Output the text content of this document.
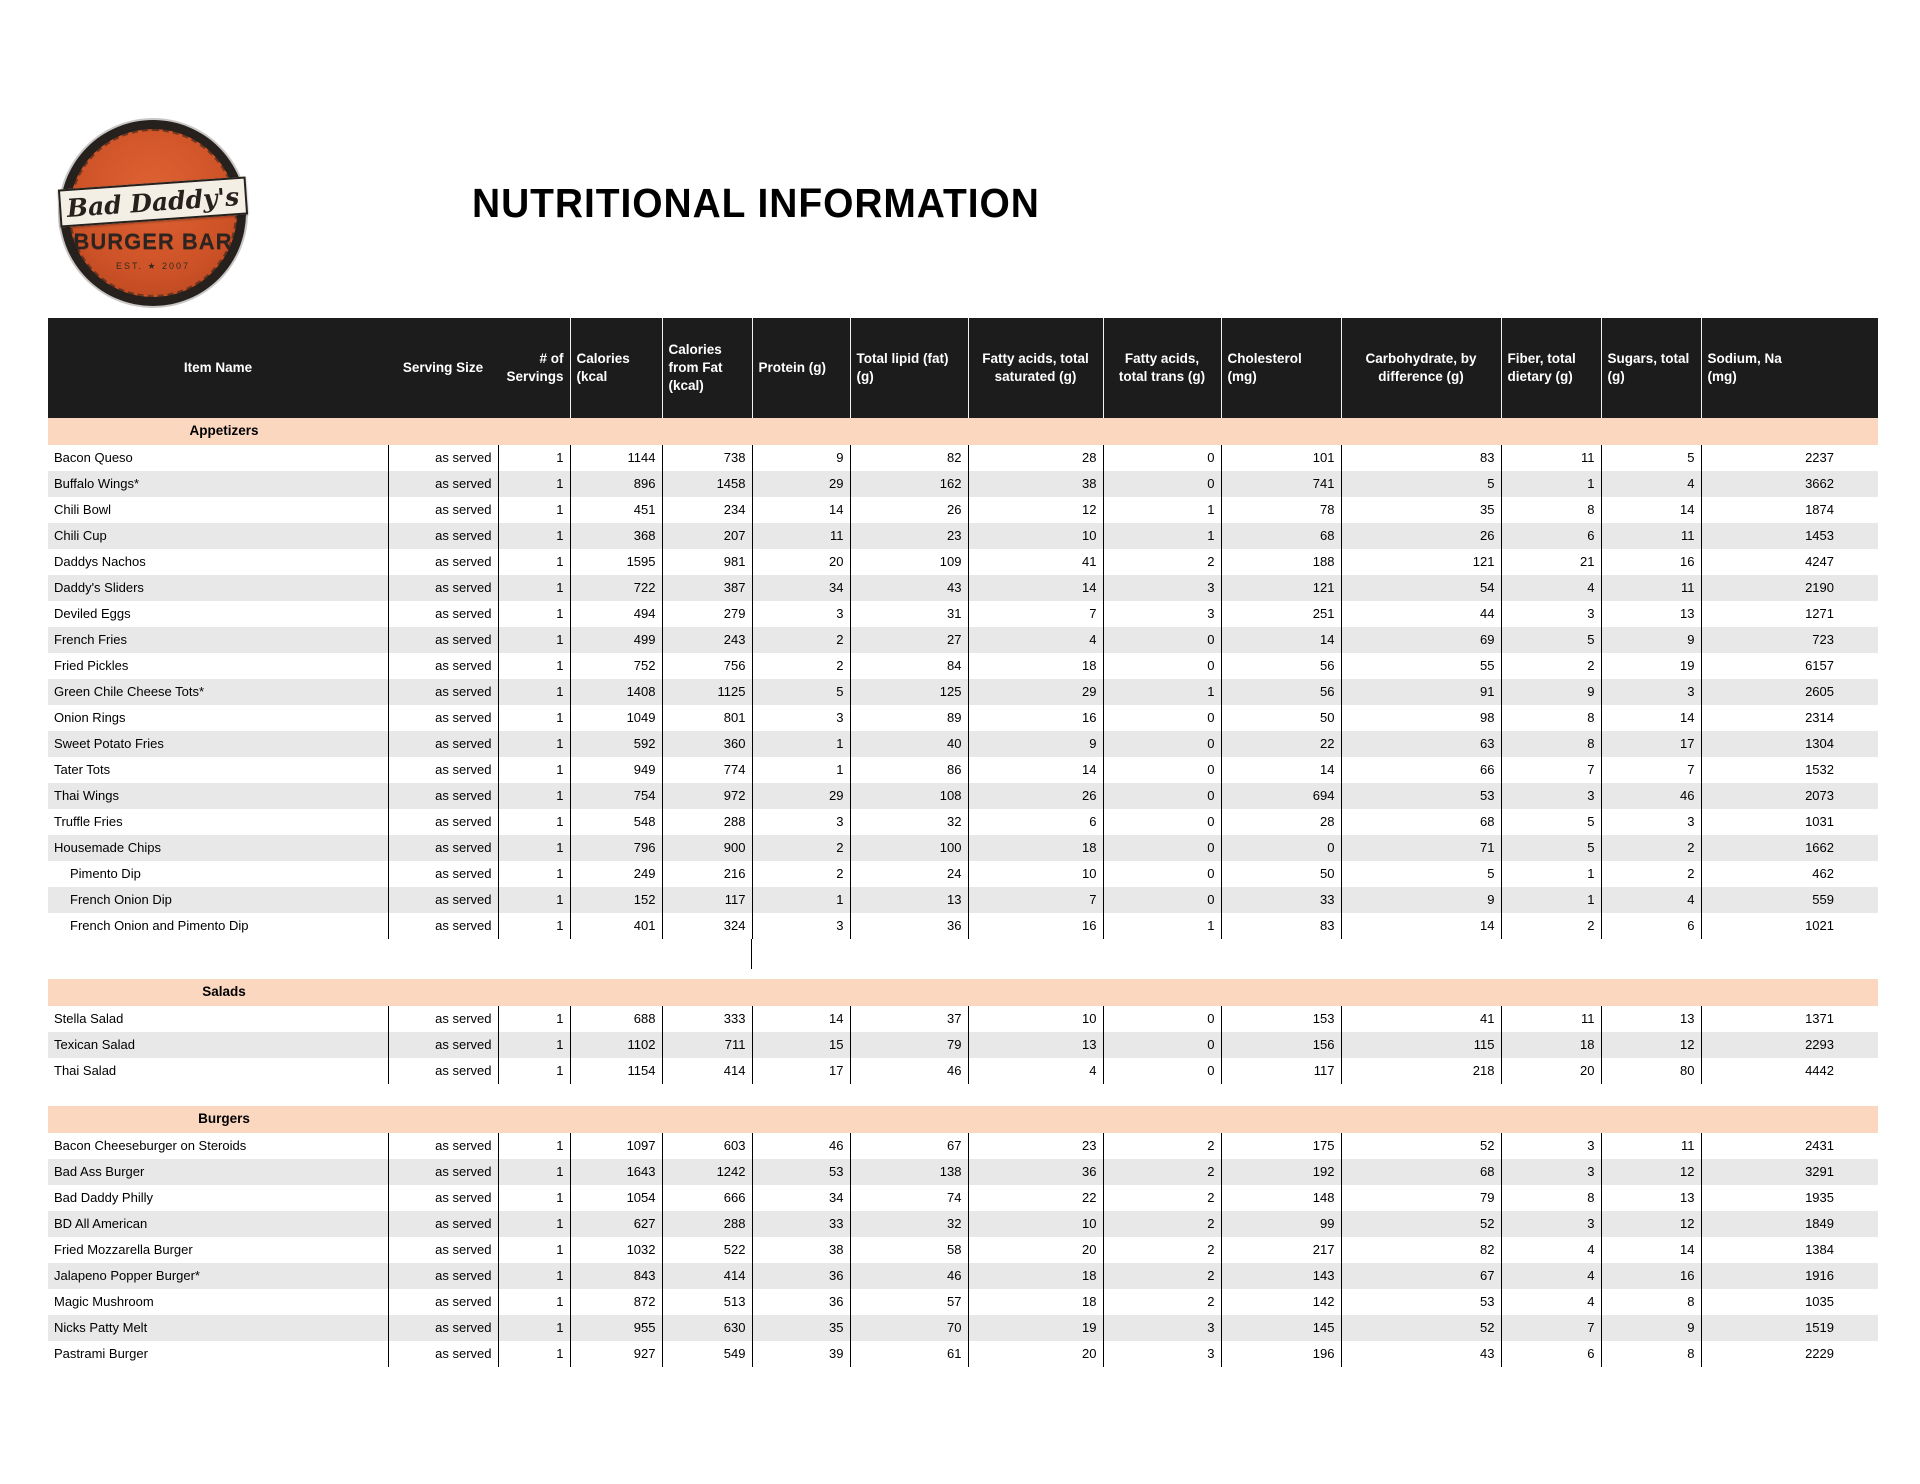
Bad Daddy's
BURGER BAR
EST. ★ 2007
NUTRITIONAL INFORMATION
Item Name	Serving Size	# of Servings	Calories (kcal	Calories from Fat (kcal)	Protein (g)	Total lipid (fat) (g)	Fatty acids, total saturated (g)	Fatty acids, total trans (g)	Cholesterol (mg)	Carbohydrate, by difference (g)	Fiber, total dietary (g)	Sugars, total (g)	Sodium, Na (mg)
Appetizers													
Bacon Queso	as served	1	1144	738	9	82	28	0	101	83	11	5	2237
Buffalo Wings*	as served	1	896	1458	29	162	38	0	741	5	1	4	3662
Chili Bowl	as served	1	451	234	14	26	12	1	78	35	8	14	1874
Chili Cup	as served	1	368	207	11	23	10	1	68	26	6	11	1453
Daddys Nachos	as served	1	1595	981	20	109	41	2	188	121	21	16	4247
Daddy's Sliders	as served	1	722	387	34	43	14	3	121	54	4	11	2190
Deviled Eggs	as served	1	494	279	3	31	7	3	251	44	3	13	1271
French Fries	as served	1	499	243	2	27	4	0	14	69	5	9	723
Fried Pickles	as served	1	752	756	2	84	18	0	56	55	2	19	6157
Green Chile Cheese Tots*	as served	1	1408	1125	5	125	29	1	56	91	9	3	2605
Onion Rings	as served	1	1049	801	3	89	16	0	50	98	8	14	2314
Sweet Potato Fries	as served	1	592	360	1	40	9	0	22	63	8	17	1304
Tater Tots	as served	1	949	774	1	86	14	0	14	66	7	7	1532
Thai Wings	as served	1	754	972	29	108	26	0	694	53	3	46	2073
Truffle Fries	as served	1	548	288	3	32	6	0	28	68	5	3	1031
Housemade Chips	as served	1	796	900	2	100	18	0	0	71	5	2	1662
Pimento Dip	as served	1	249	216	2	24	10	0	50	5	1	2	462
French Onion Dip	as served	1	152	117	1	13	7	0	33	9	1	4	559
French Onion and Pimento Dip	as served	1	401	324	3	36	16	1	83	14	2	6	1021

Salads													
Stella Salad	as served	1	688	333	14	37	10	0	153	41	11	13	1371
Texican Salad	as served	1	1102	711	15	79	13	0	156	115	18	12	2293
Thai Salad	as served	1	1154	414	17	46	4	0	117	218	20	80	4442

Burgers													
Bacon Cheeseburger on Steroids	as served	1	1097	603	46	67	23	2	175	52	3	11	2431
Bad Ass Burger	as served	1	1643	1242	53	138	36	2	192	68	3	12	3291
Bad Daddy Philly	as served	1	1054	666	34	74	22	2	148	79	8	13	1935
BD All American	as served	1	627	288	33	32	10	2	99	52	3	12	1849
Fried Mozzarella Burger	as served	1	1032	522	38	58	20	2	217	82	4	14	1384
Jalapeno Popper Burger*	as served	1	843	414	36	46	18	2	143	67	4	16	1916
Magic Mushroom	as served	1	872	513	36	57	18	2	142	53	4	8	1035
Nicks Patty Melt	as served	1	955	630	35	70	19	3	145	52	7	9	1519
Pastrami Burger	as served	1	927	549	39	61	20	3	196	43	6	8	2229
